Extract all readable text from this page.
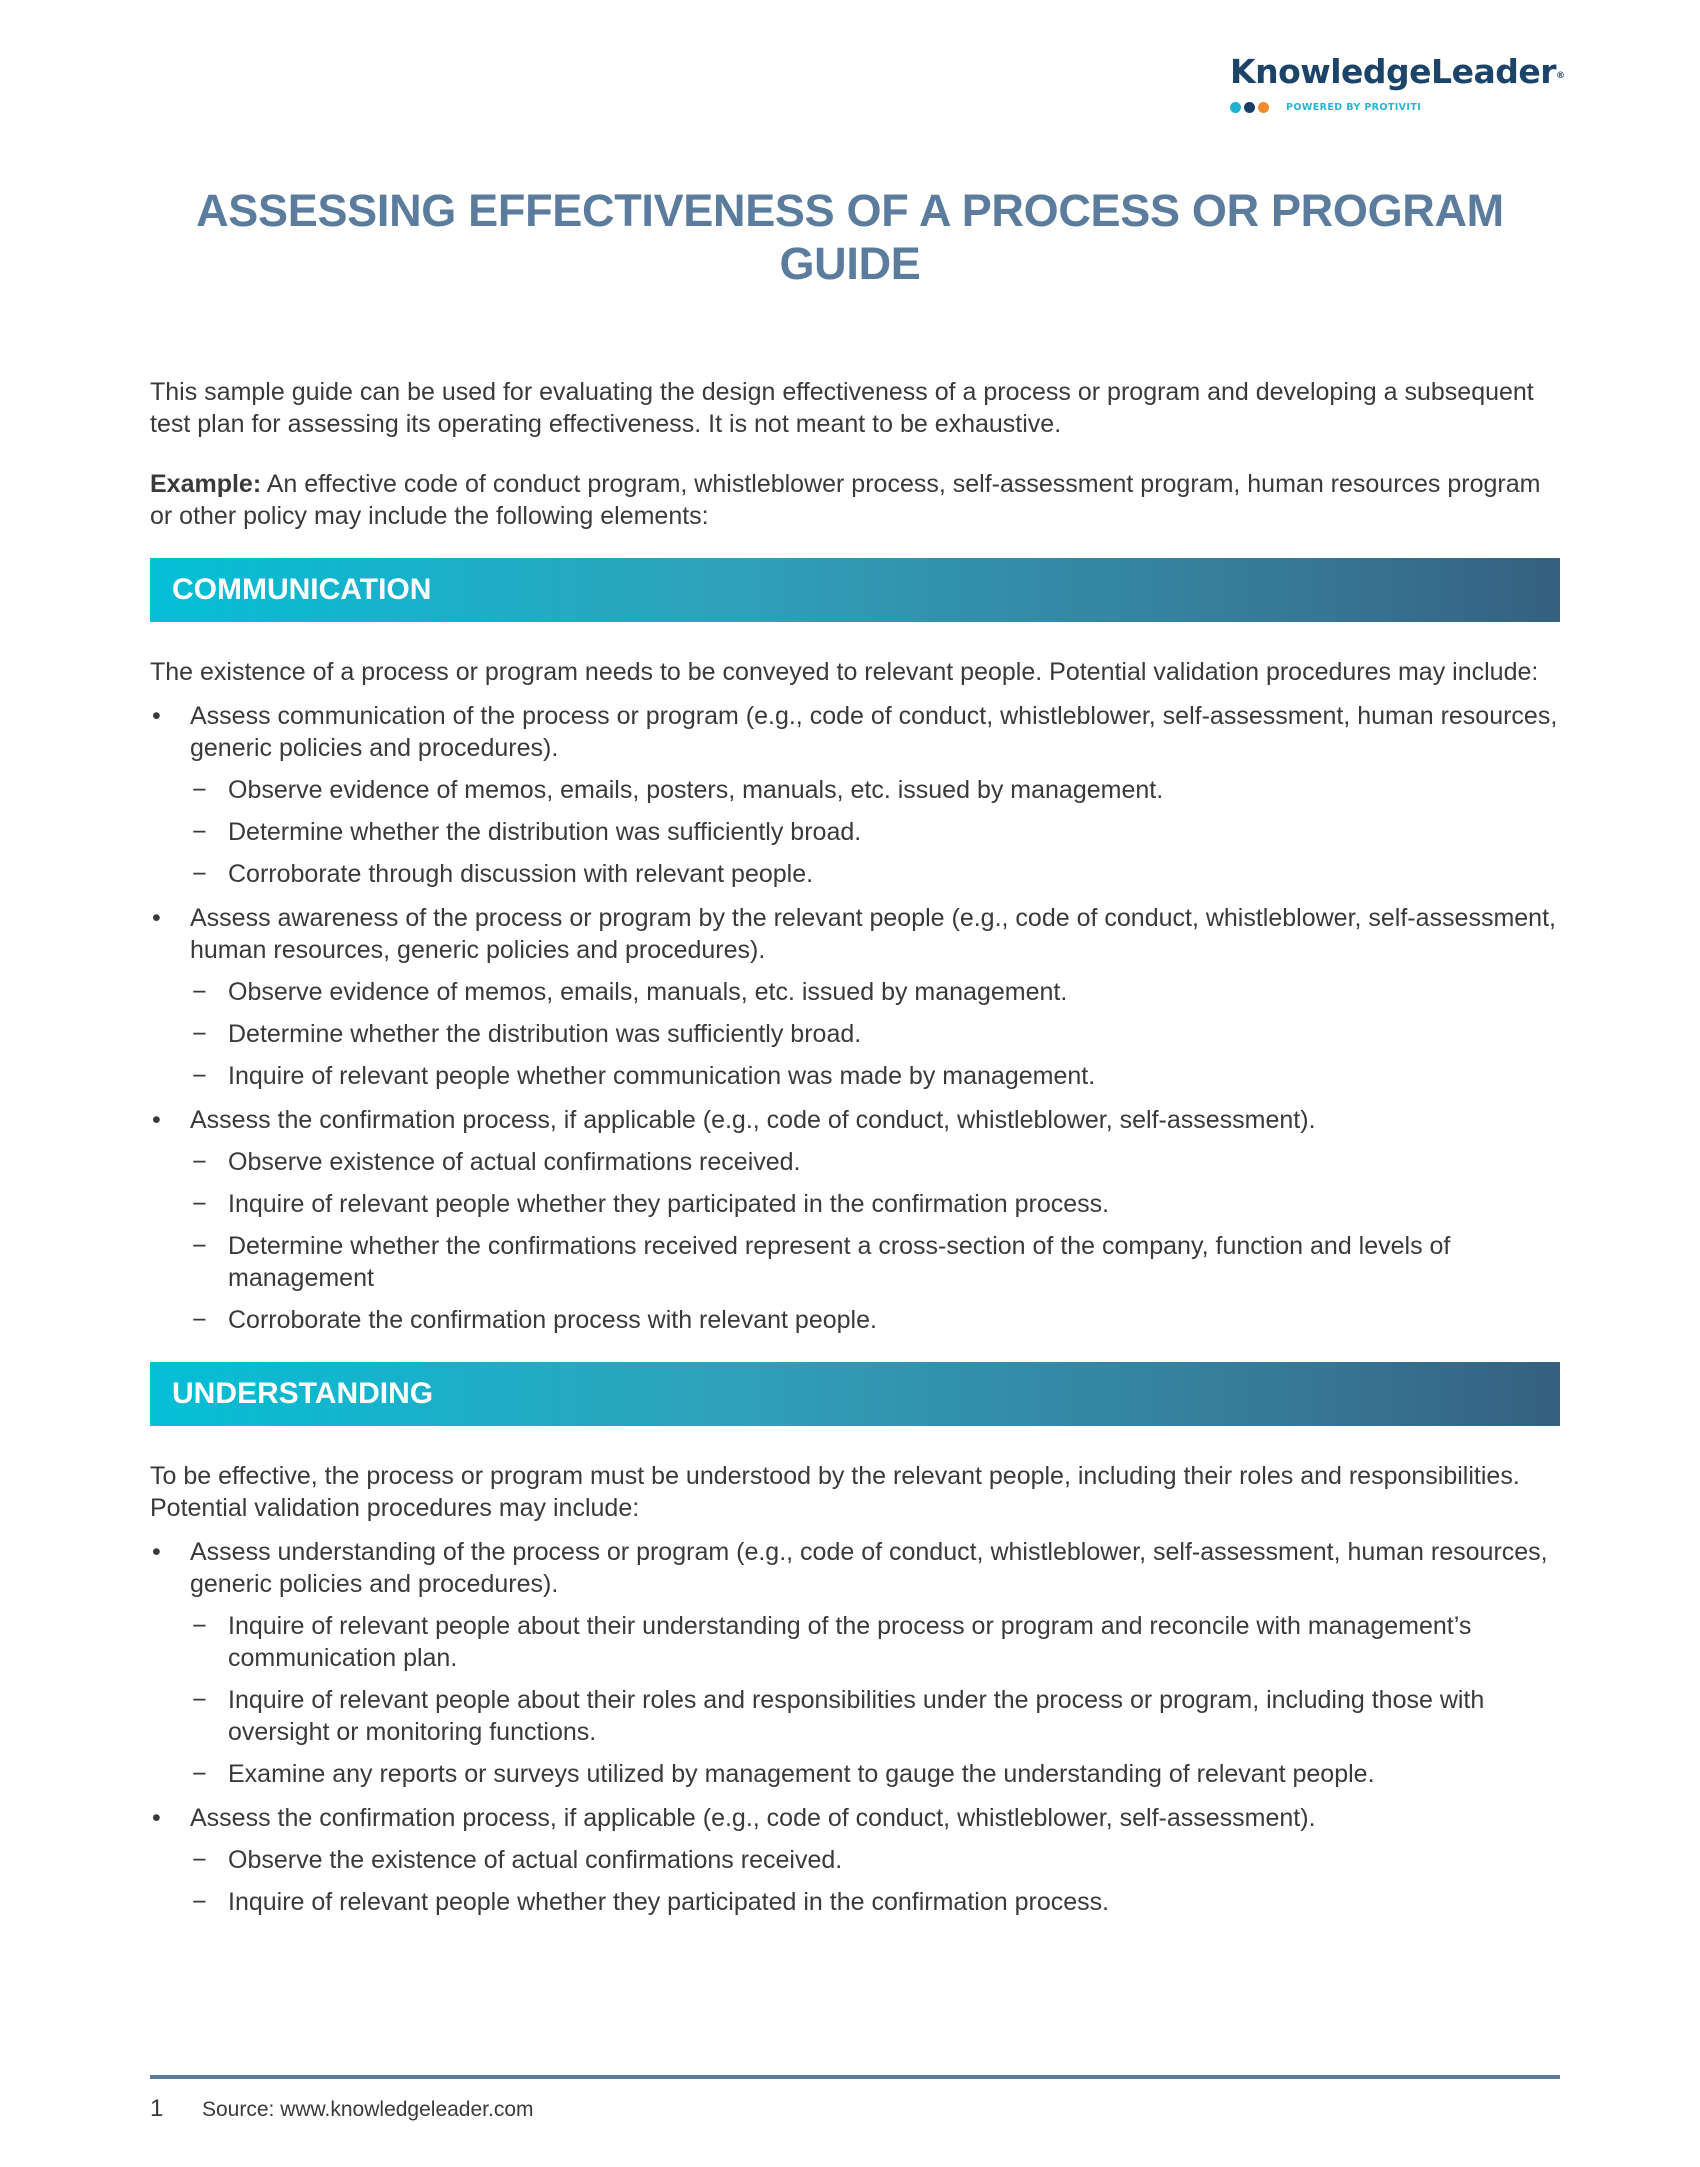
KnowledgeLeader®
POWERED BY PROTIVITI
ASSESSING EFFECTIVENESS OF A PROCESS OR PROGRAM GUIDE

This sample guide can be used for evaluating the design effectiveness of a process or program and developing a subsequent test plan for assessing its operating effectiveness. It is not meant to be exhaustive.

Example: An effective code of conduct program, whistleblower process, self-assessment program, human resources program or other policy may include the following elements:

COMMUNICATION

The existence of a process or program needs to be conveyed to relevant people. Potential validation procedures may include:

• Assess communication of the process or program (e.g., code of conduct, whistleblower, self-assessment, human resources, generic policies and procedures).
− Observe evidence of memos, emails, posters, manuals, etc. issued by management.
− Determine whether the distribution was sufficiently broad.
− Corroborate through discussion with relevant people.
• Assess awareness of the process or program by the relevant people (e.g., code of conduct, whistleblower, self-assessment, human resources, generic policies and procedures).
− Observe evidence of memos, emails, manuals, etc. issued by management.
− Determine whether the distribution was sufficiently broad.
− Inquire of relevant people whether communication was made by management.
• Assess the confirmation process, if applicable (e.g., code of conduct, whistleblower, self-assessment).
− Observe existence of actual confirmations received.
− Inquire of relevant people whether they participated in the confirmation process.
− Determine whether the confirmations received represent a cross-section of the company, function and levels of management
− Corroborate the confirmation process with relevant people.
UNDERSTANDING

To be effective, the process or program must be understood by the relevant people, including their roles and responsibilities. Potential validation procedures may include:

• Assess understanding of the process or program (e.g., code of conduct, whistleblower, self-assessment, human resources, generic policies and procedures).
− Inquire of relevant people about their understanding of the process or program and reconcile with management’s communication plan.
− Inquire of relevant people about their roles and responsibilities under the process or program, including those with oversight or monitoring functions.
− Examine any reports or surveys utilized by management to gauge the understanding of relevant people.
• Assess the confirmation process, if applicable (e.g., code of conduct, whistleblower, self-assessment).
− Observe the existence of actual confirmations received.
− Inquire of relevant people whether they participated in the confirmation process.
1 Source: www.knowledgeleader.com
